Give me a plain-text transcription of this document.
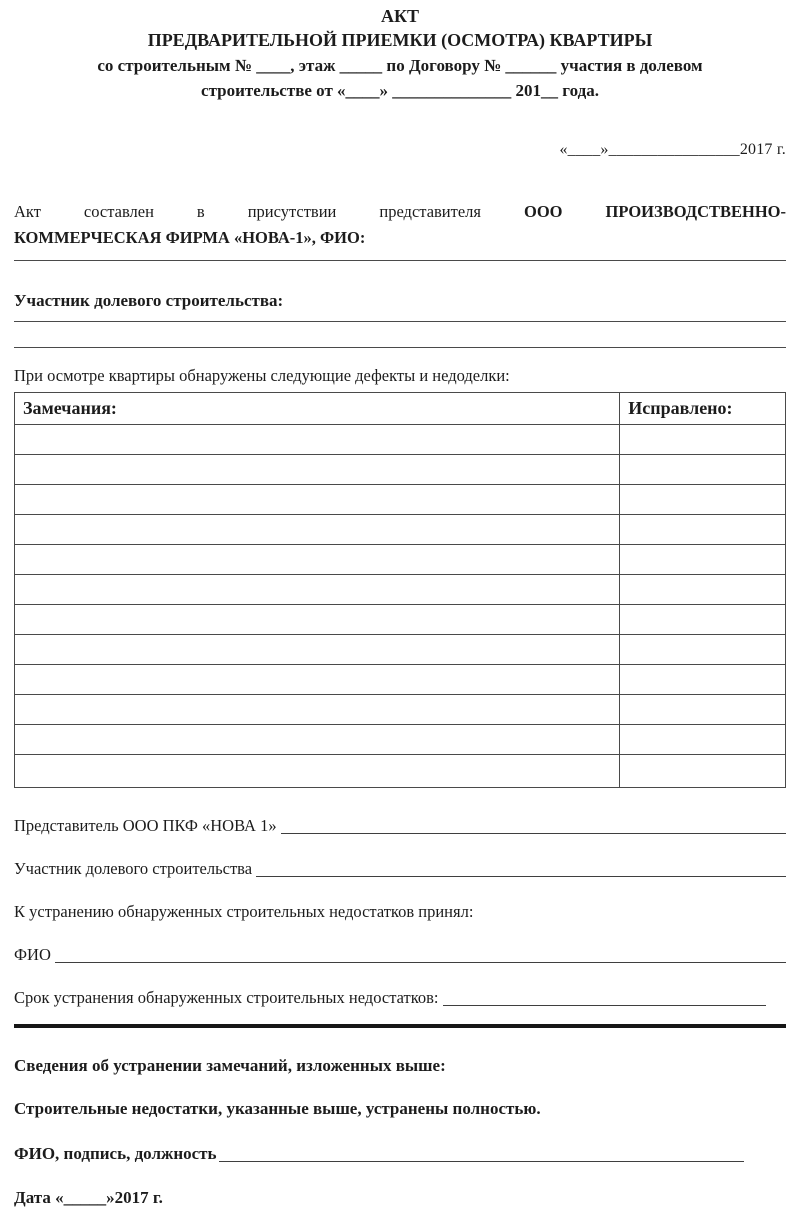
АКТ
ПРЕДВАРИТЕЛЬНОЙ ПРИЕМКИ (ОСМОТРА) КВАРТИРЫ
со строительным № ____, этаж _____ по Договору № ______ участия в долевом
строительстве от «____» ______________ 201__ года.
«____»________________2017 г.
Акт составлен в присутствии представителя	ООО ПРОИЗВОДСТВЕННО-
КОММЕРЧЕСКАЯ ФИРМА «НОВА-1», ФИО:
Участник долевого строительства:
При осмотре квартиры обнаружены следующие дефекты и недоделки:
Замечания:	Исправлено:

Представитель ООО ПКФ «НОВА 1»
Участник долевого строительства
К устранению обнаруженных строительных недостатков принял:
ФИО
Срок устранения обнаруженных строительных недостатков:
Сведения об устранении замечаний, изложенных выше:
Строительные недостатки, указанные выше, устранены полностью.
ФИО, подпись, должность
Дата «_____» 2017 г.
